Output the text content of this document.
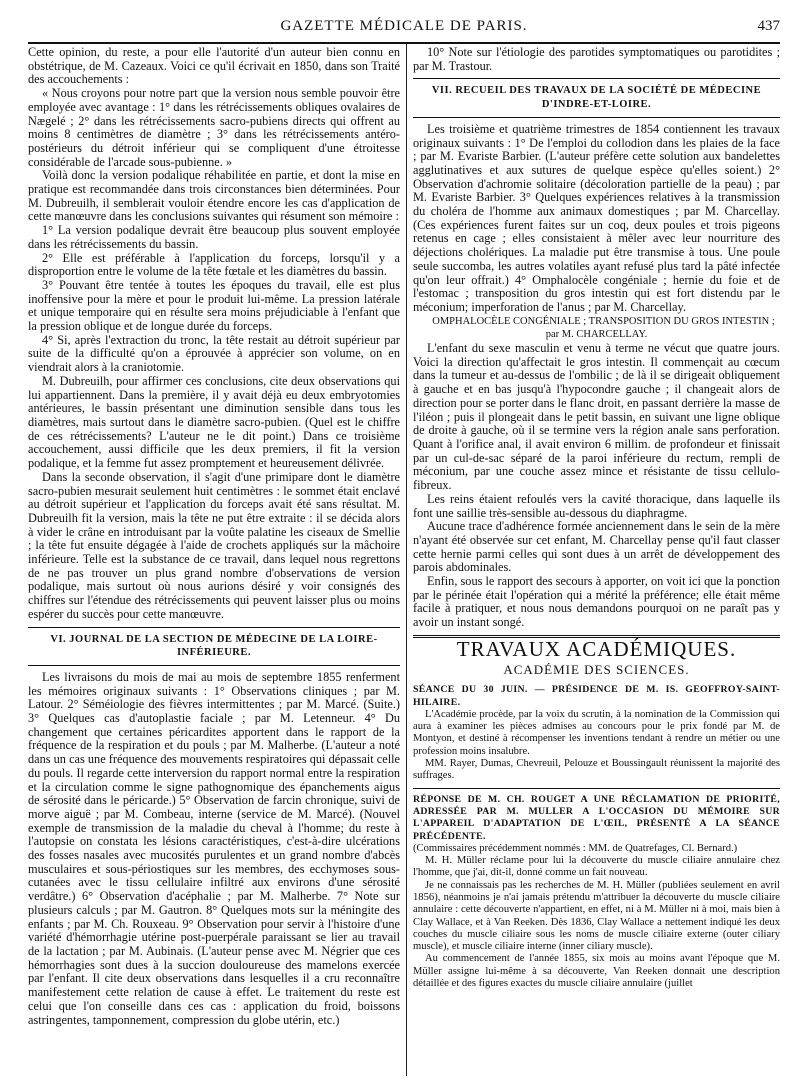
GAZETTE MÉDICALE DE PARIS.	437

Cette opinion, du reste, a pour elle l'autorité d'un auteur bien connu en obstétrique, de M. Cazeaux. Voici ce qu'il écrivait en 1850, dans son Traité des accouchements :

« Nous croyons pour notre part que la version nous semble pouvoir être employée avec avantage : 1° dans les rétrécissements obliques ovalaires de Nægelé ; 2° dans les rétrécissements sacro-pubiens directs qui offrent au moins 8 centimètres de diamètre ; 3° dans les rétrécissements antéro-postérieurs du détroit inférieur qui se compliquent d'une étroitesse considérable de l'arcade sous-pubienne. »

Voilà donc la version podalique réhabilitée en partie, et dont la mise en pratique est recommandée dans trois circonstances bien déterminées. Pour M. Dubreuilh, il semblerait vouloir étendre encore les cas d'application de cette manœuvre dans les conclusions suivantes qui résument son mémoire :

1° La version podalique devrait être beaucoup plus souvent employée dans les rétrécissements du bassin.

2° Elle est préférable à l'application du forceps, lorsqu'il y a disproportion entre le volume de la tête fœtale et les diamètres du bassin.

3° Pouvant être tentée à toutes les époques du travail, elle est plus inoffensive pour la mère et pour le produit lui-même. La pression latérale et unique temporaire qui en résulte sera moins préjudiciable à l'enfant que la pression oblique et de longue durée du forceps.

4° Si, après l'extraction du tronc, la tête restait au détroit supérieur par suite de la difficulté qu'on a éprouvée à apprécier son volume, on en viendrait alors à la craniotomie.

M. Dubreuilh, pour affirmer ces conclusions, cite deux observations qui lui appartiennent. Dans la première, il y avait déjà eu deux embryotomies antérieures, le bassin présentant une diminution sensible dans tous les diamètres, mais surtout dans le diamètre sacro-pubien. (Quel est le chiffre de ces rétrécissements? L'auteur ne le dit point.) Dans ce troisième accouchement, aussi difficile que les deux premiers, il fit la version podalique, et la femme fut assez promptement et heureusement délivrée.

Dans la seconde observation, il s'agit d'une primipare dont le diamètre sacro-pubien mesurait seulement huit centimètres : le sommet était enclavé au détroit supérieur et l'application du forceps avait été sans résultat. M. Dubreuilh fit la version, mais la tête ne put être extraite : il se décida alors à vider le crâne en introduisant par la voûte palatine les ciseaux de Smellie ; la tête fut ensuite dégagée à l'aide de crochets appliqués sur la mâchoire inférieure. Telle est la substance de ce travail, dans lequel nous regrettons de ne pas trouver un plus grand nombre d'observations de version podalique, mais surtout où nous aurions désiré y voir consignés des chiffres sur l'étendue des rétrécissements qui peuvent laisser plus ou moins espérer du succès pour cette manœuvre.

VI. JOURNAL DE LA SECTION DE MÉDECINE DE LA LOIRE-INFÉRIEURE.

Les livraisons du mois de mai au mois de septembre 1855 renferment les mémoires originaux suivants : 1° Observations cliniques ; par M. Latour. 2° Séméiologie des fièvres intermittentes ; par M. Marcé. (Suite.) 3° Quelques cas d'autoplastie faciale ; par M. Letenneur. 4° Du changement que certaines péricardites apportent dans le rapport de la fréquence de la respiration et du pouls ; par M. Malherbe. (L'auteur a noté dans un cas une fréquence des mouvements respiratoires qui dépassait celle du pouls. Il regarde cette interversion du rapport normal entre la respiration et la circulation comme le signe pathognomique des épanchements aigus de sérosité dans le péricarde.) 5° Observation de farcin chronique, suivi de morve aiguë ; par M. Combeau, interne (service de M. Marcé). (Nouvel exemple de transmission de la maladie du cheval à l'homme; du reste à l'autopsie on constata les lésions caractéristiques, c'est-à-dire ulcérations des fosses nasales avec mucosités purulentes et un grand nombre d'abcès musculaires et sous-périostiques sur les membres, des ecchymoses sous-cutanées avec le tissu cellulaire infiltré aux environs d'une sérosité verdâtre.) 6° Observation d'acéphalie ; par M. Malherbe. 7° Note sur plusieurs calculs ; par M. Gautron. 8° Quelques mots sur la méningite des enfants ; par M. Ch. Rouxeau. 9° Observation pour servir à l'histoire d'une variété d'hémorrhagie utérine post-puerpérale paraissant se lier au travail de la lactation ; par M. Aubinais. (L'auteur pense avec M. Négrier que ces hémorrhagies sont dues à la succion douloureuse des mamelons exercée par l'enfant. Il cite deux observations dans lesquelles il a cru reconnaître manifestement cette relation de cause à effet. Le traitement du reste est celui que l'on conseille dans ces cas : application du froid, boissons astringentes, tamponnement, compression du globe utérin, etc.)

10° Note sur l'étiologie des parotides symptomatiques ou parotidites ; par M. Trastour.

VII. RECUEIL DES TRAVAUX DE LA SOCIÉTÉ DE MÉDECINE D'INDRE-ET-LOIRE.

Les troisième et quatrième trimestres de 1854 contiennent les travaux originaux suivants : 1° De l'emploi du collodion dans les plaies de la face ; par M. Evariste Barbier. (L'auteur préfère cette solution aux bandelettes agglutinatives et aux sutures de quelque espèce qu'elles soient.) 2° Observation d'achromie solitaire (décoloration partielle de la peau) ; par M. Evariste Barbier. 3° Quelques expériences relatives à la transmission du choléra de l'homme aux animaux domestiques ; par M. Charcellay. (Ces expériences furent faites sur un coq, deux poules et trois pigeons retenus en cage ; elles consistaient à mêler avec leur nourriture des déjections cholériques. La maladie put être transmise à tous. Une poule seule succomba, les autres volatiles ayant refusé plus tard la pâté infectée qu'on leur offrait.) 4° Omphalocèle congéniale ; hernie du foie et de l'estomac ; transposition du gros intestin qui est fort distendu par le méconium; imperforation de l'anus ; par M. Charcellay.

OMPHALOCÈLE CONGÉNIALE ; TRANSPOSITION DU GROS INTESTIN ; par M. CHARCELLAY.

L'enfant du sexe masculin et venu à terme ne vécut que quatre jours. Voici la direction qu'affectait le gros intestin. Il commençait au cœcum dans la tumeur et au-dessus de l'ombilic ; de là il se dirigeait obliquement à gauche et en bas jusqu'à l'hypocondre gauche ; il changeait alors de direction pour se porter dans le flanc droit, en passant derrière la masse de l'iléon ; puis il plongeait dans le petit bassin, en suivant une ligne oblique de droite à gauche, où il se termine vers la région anale sans perforation. Quant à l'orifice anal, il avait environ 6 millim. de profondeur et finissait par un cul-de-sac séparé de la paroi inférieure du rectum, rempli de méconium, par une couche assez mince et résistante de tissu cellulo-fibreux.

Les reins étaient refoulés vers la cavité thoracique, dans laquelle ils font une saillie très-sensible au-dessous du diaphragme.

Aucune trace d'adhérence formée anciennement dans le sein de la mère n'ayant été observée sur cet enfant, M. Charcellay pense qu'il faut classer cette hernie parmi celles qui sont dues à un arrêt de développement des parois abdominales.

Enfin, sous le rapport des secours à apporter, on voit ici que la ponction par le périnée était l'opération qui a mérité la préférence; elle était même facile à pratiquer, et nous nous demandons pourquoi on ne paraît pas y avoir un instant songé.

TRAVAUX ACADÉMIQUES.
ACADÉMIE DES SCIENCES.

SÉANCE DU 30 JUIN. — PRÉSIDENCE DE M. IS. GEOFFROY-SAINT-HILAIRE.

L'Académie procède, par la voix du scrutin, à la nomination de la Commission qui aura à examiner les pièces admises au concours pour le prix fondé par M. de Montyon, et destiné à récompenser les inventions tendant à rendre un métier ou une profession moins insalubre.

MM. Rayer, Dumas, Chevreuil, Pelouze et Boussingault réunissent la majorité des suffrages.

RÉPONSE DE M. CH. ROUGET A UNE RÉCLAMATION DE PRIORITÉ, ADRESSÉE PAR M. MULLER A L'OCCASION DU MÉMOIRE SUR L'APPAREIL D'ADAPTATION DE L'ŒIL, PRÉSENTÉ A LA SÉANCE PRÉCÉDENTE.

(Commissaires précédemment nommés : MM. de Quatrefages, Cl. Bernard.)

M. H. Müller réclame pour lui la découverte du muscle ciliaire annulaire chez l'homme, que j'ai, dit-il, donné comme un fait nouveau.

Je ne connaissais pas les recherches de M. H. Müller (publiées seulement en avril 1856), néanmoins je n'ai jamais prétendu m'attribuer la découverte du muscle ciliaire annulaire : cette découverte n'appartient, en effet, ni à M. Müller ni à moi, mais bien à Clay Wallace, et à Van Reeken. Dès 1836, Clay Wallace a nettement indiqué les deux couches du muscle ciliaire sous les noms de muscle ciliaire externe (outer ciliary muscle), et muscle ciliaire interne (inner ciliary muscle).

Au commencement de l'année 1855, six mois au moins avant l'époque que M. Müller assigne lui-même à sa découverte, Van Reeken donnait une description détaillée et des figures exactes du muscle ciliaire annulaire (juillet
